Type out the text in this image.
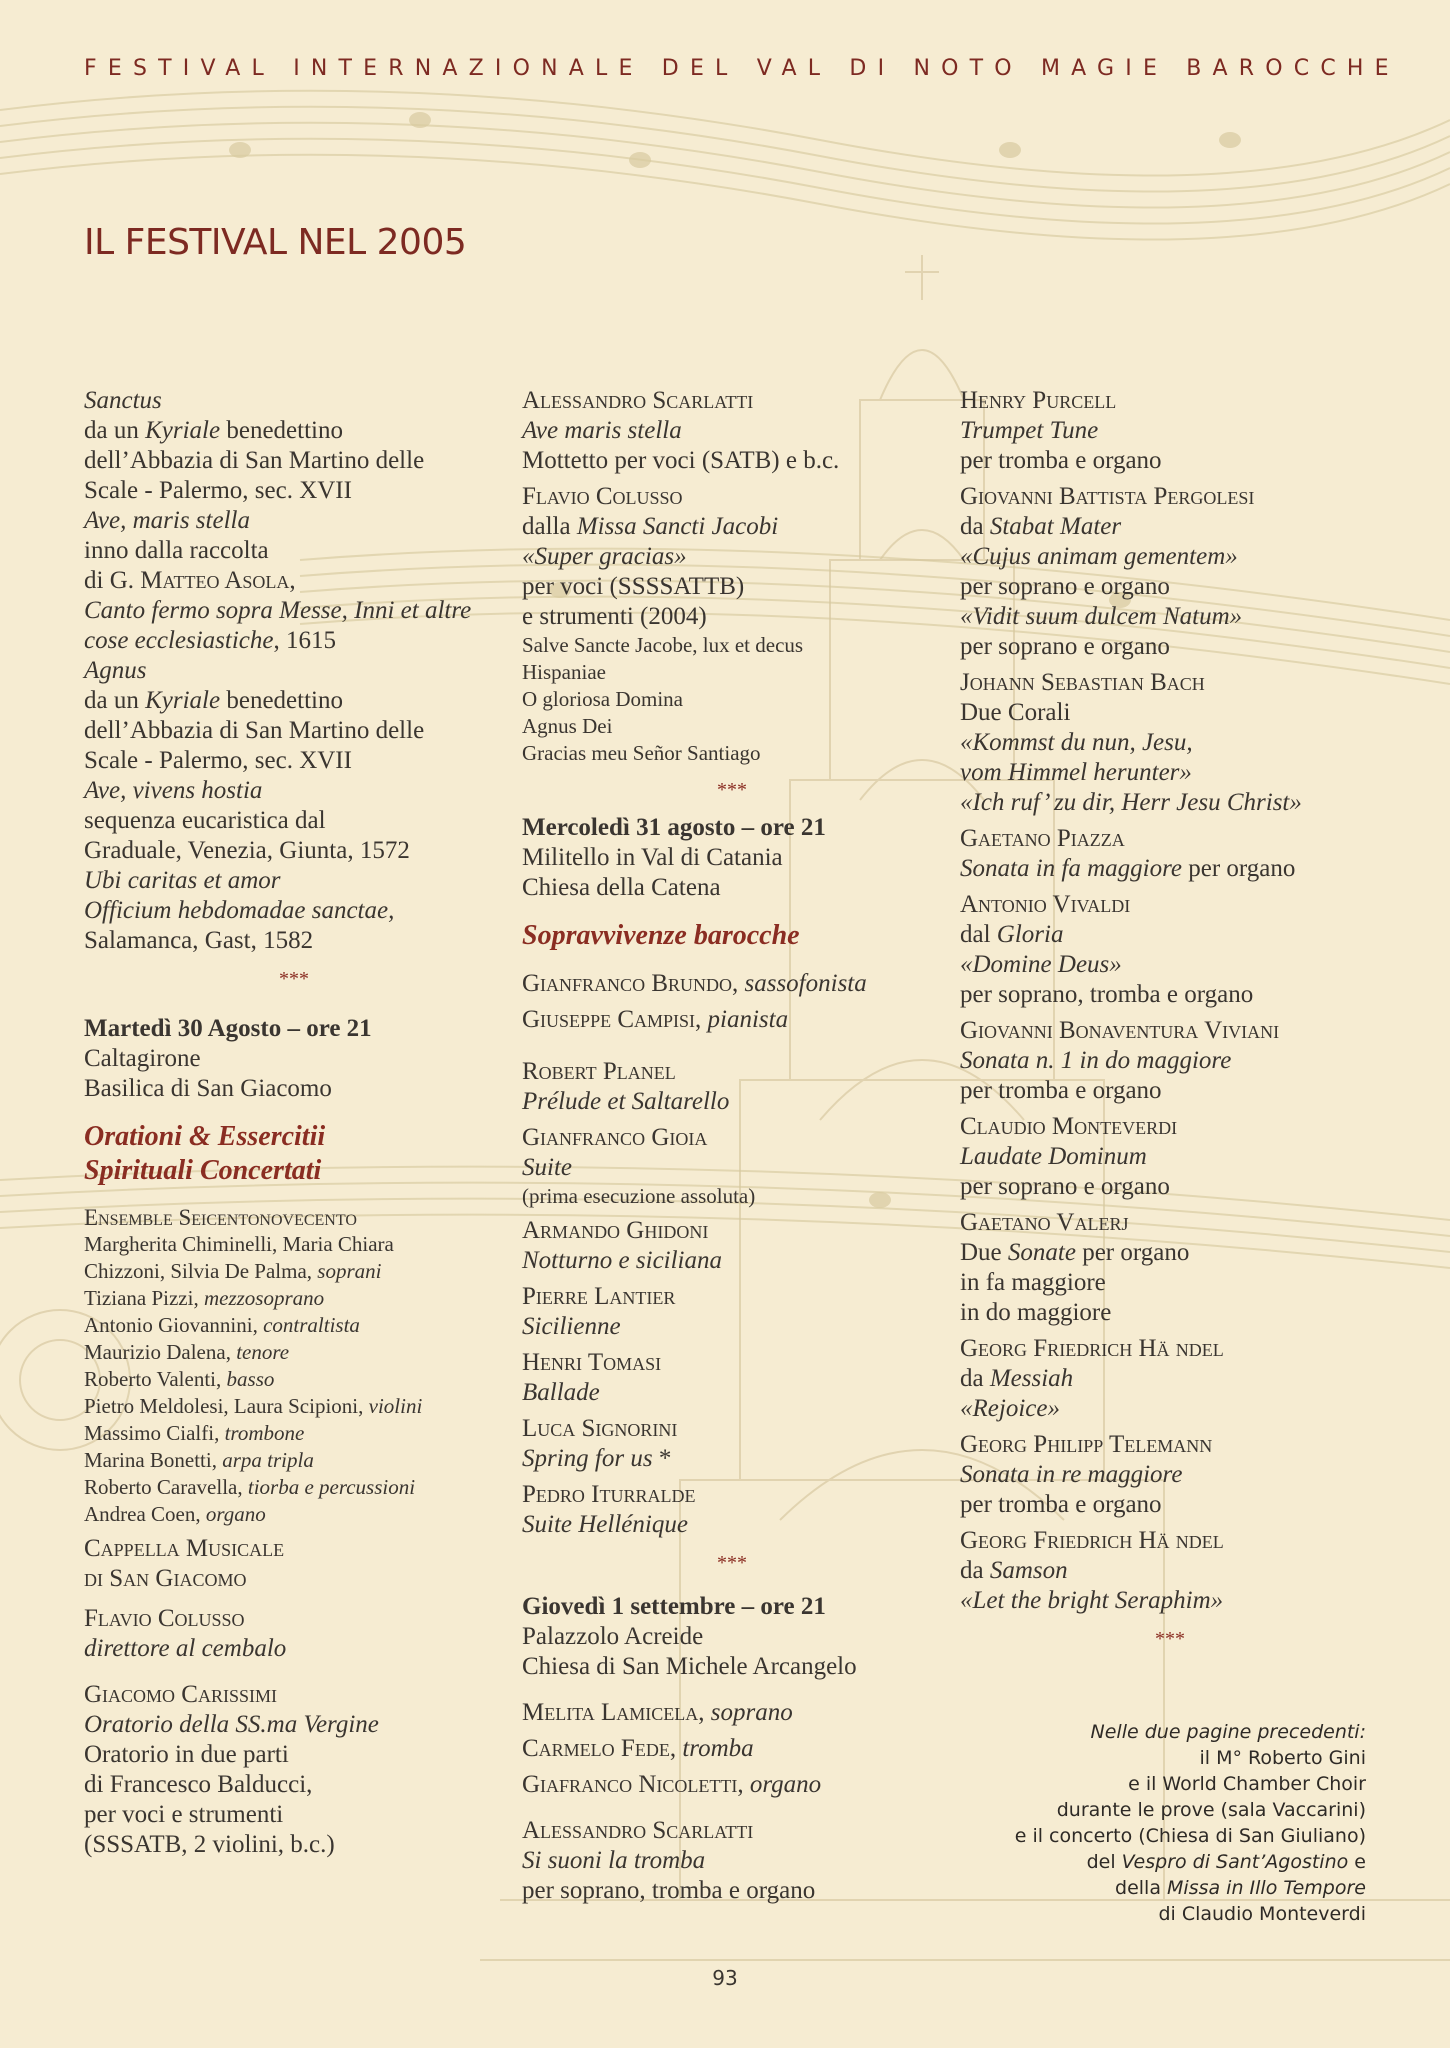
FESTIVAL INTERNAZIONALE DEL VAL DI NOTO MAGIE BAROCCHE
IL FESTIVAL NEL 2005
Sanctus
da un Kyriale benedettino
dell’Abbazia di San Martino delle
Scale - Palermo, sec. XVII
Ave, maris stella
inno dalla raccolta
di G. Matteo Asola,
Canto fermo sopra Messe, Inni et altre
cose ecclesiastiche, 1615
Agnus
da un Kyriale benedettino
dell’Abbazia di San Martino delle
Scale - Palermo, sec. XVII
Ave, vivens hostia
sequenza eucaristica dal
Graduale, Venezia, Giunta, 1572
Ubi caritas et amor
Officium hebdomadae sanctae,
Salamanca, Gast, 1582
***
Martedì 30 Agosto – ore 21
Caltagirone
Basilica di San Giacomo
Orationi & Essercitii
Spirituali Concertati
Ensemble Seicentonovecento
Margherita Chiminelli, Maria Chiara
Chizzoni, Silvia De Palma, soprani
Tiziana Pizzi, mezzosoprano
Antonio Giovannini, contraltista
Maurizio Dalena, tenore
Roberto Valenti, basso
Pietro Meldolesi, Laura Scipioni, violini
Massimo Cialfi, trombone
Marina Bonetti, arpa tripla
Roberto Caravella, tiorba e percussioni
Andrea Coen, organo
Cappella Musicale
di San Giacomo
Flavio Colusso
direttore al cembalo
Giacomo Carissimi
Oratorio della SS.ma Vergine
Oratorio in due parti
di Francesco Balducci,
per voci e strumenti
(SSSATB, 2 violini, b.c.)
Alessandro Scarlatti
Ave maris stella
Mottetto per voci (SATB) e b.c.
Flavio Colusso
dalla Missa Sancti Jacobi
«Super gracias»
per voci (SSSSATTB)
e strumenti (2004)
Salve Sancte Jacobe, lux et decus
Hispaniae
O gloriosa Domina
Agnus Dei
Gracias meu Señor Santiago
***
Mercoledì 31 agosto – ore 21
Militello in Val di Catania
Chiesa della Catena
Sopravvivenze barocche
Gianfranco Brundo, sassofonista
Giuseppe Campisi, pianista
Robert Planel
Prélude et Saltarello
Gianfranco Gioia
Suite
(prima esecuzione assoluta)
Armando Ghidoni
Notturno e siciliana
Pierre Lantier
Sicilienne
Henri Tomasi
Ballade
Luca Signorini
Spring for us *
Pedro Iturralde
Suite Hellénique
***
Giovedì 1 settembre – ore 21
Palazzolo Acreide
Chiesa di San Michele Arcangelo
Melita Lamicela, soprano
Carmelo Fede, tromba
Giafranco Nicoletti, organo
Alessandro Scarlatti
Si suoni la tromba
per soprano, tromba e organo
Henry Purcell
Trumpet Tune
per tromba e organo
Giovanni Battista Pergolesi
da Stabat Mater
«Cujus animam gementem»
per soprano e organo
«Vidit suum dulcem Natum»
per soprano e organo
Johann Sebastian Bach
Due Corali
«Kommst du nun, Jesu,
vom Himmel herunter»
«Ich ruf’ zu dir, Herr Jesu Christ»
Gaetano Piazza
Sonata in fa maggiore per organo
Antonio Vivaldi
dal Gloria
«Domine Deus»
per soprano, tromba e organo
Giovanni Bonaventura Viviani
Sonata n. 1 in do maggiore
per tromba e organo
Claudio Monteverdi
Laudate Dominum
per soprano e organo
Gaetano Valerj
Due Sonate per organo
in fa maggiore
in do maggiore
Georg Friedrich Hä ndel
da Messiah
«Rejoice»
Georg Philipp Telemann
Sonata in re maggiore
per tromba e organo
Georg Friedrich Hä ndel
da Samson
«Let the bright Seraphim»
***
Nelle due pagine precedenti:
il M° Roberto Gini
e il World Chamber Choir
durante le prove (sala Vaccarini)
e il concerto (Chiesa di San Giuliano)
del Vespro di Sant’Agostino e
della Missa in Illo Tempore
di Claudio Monteverdi
93
